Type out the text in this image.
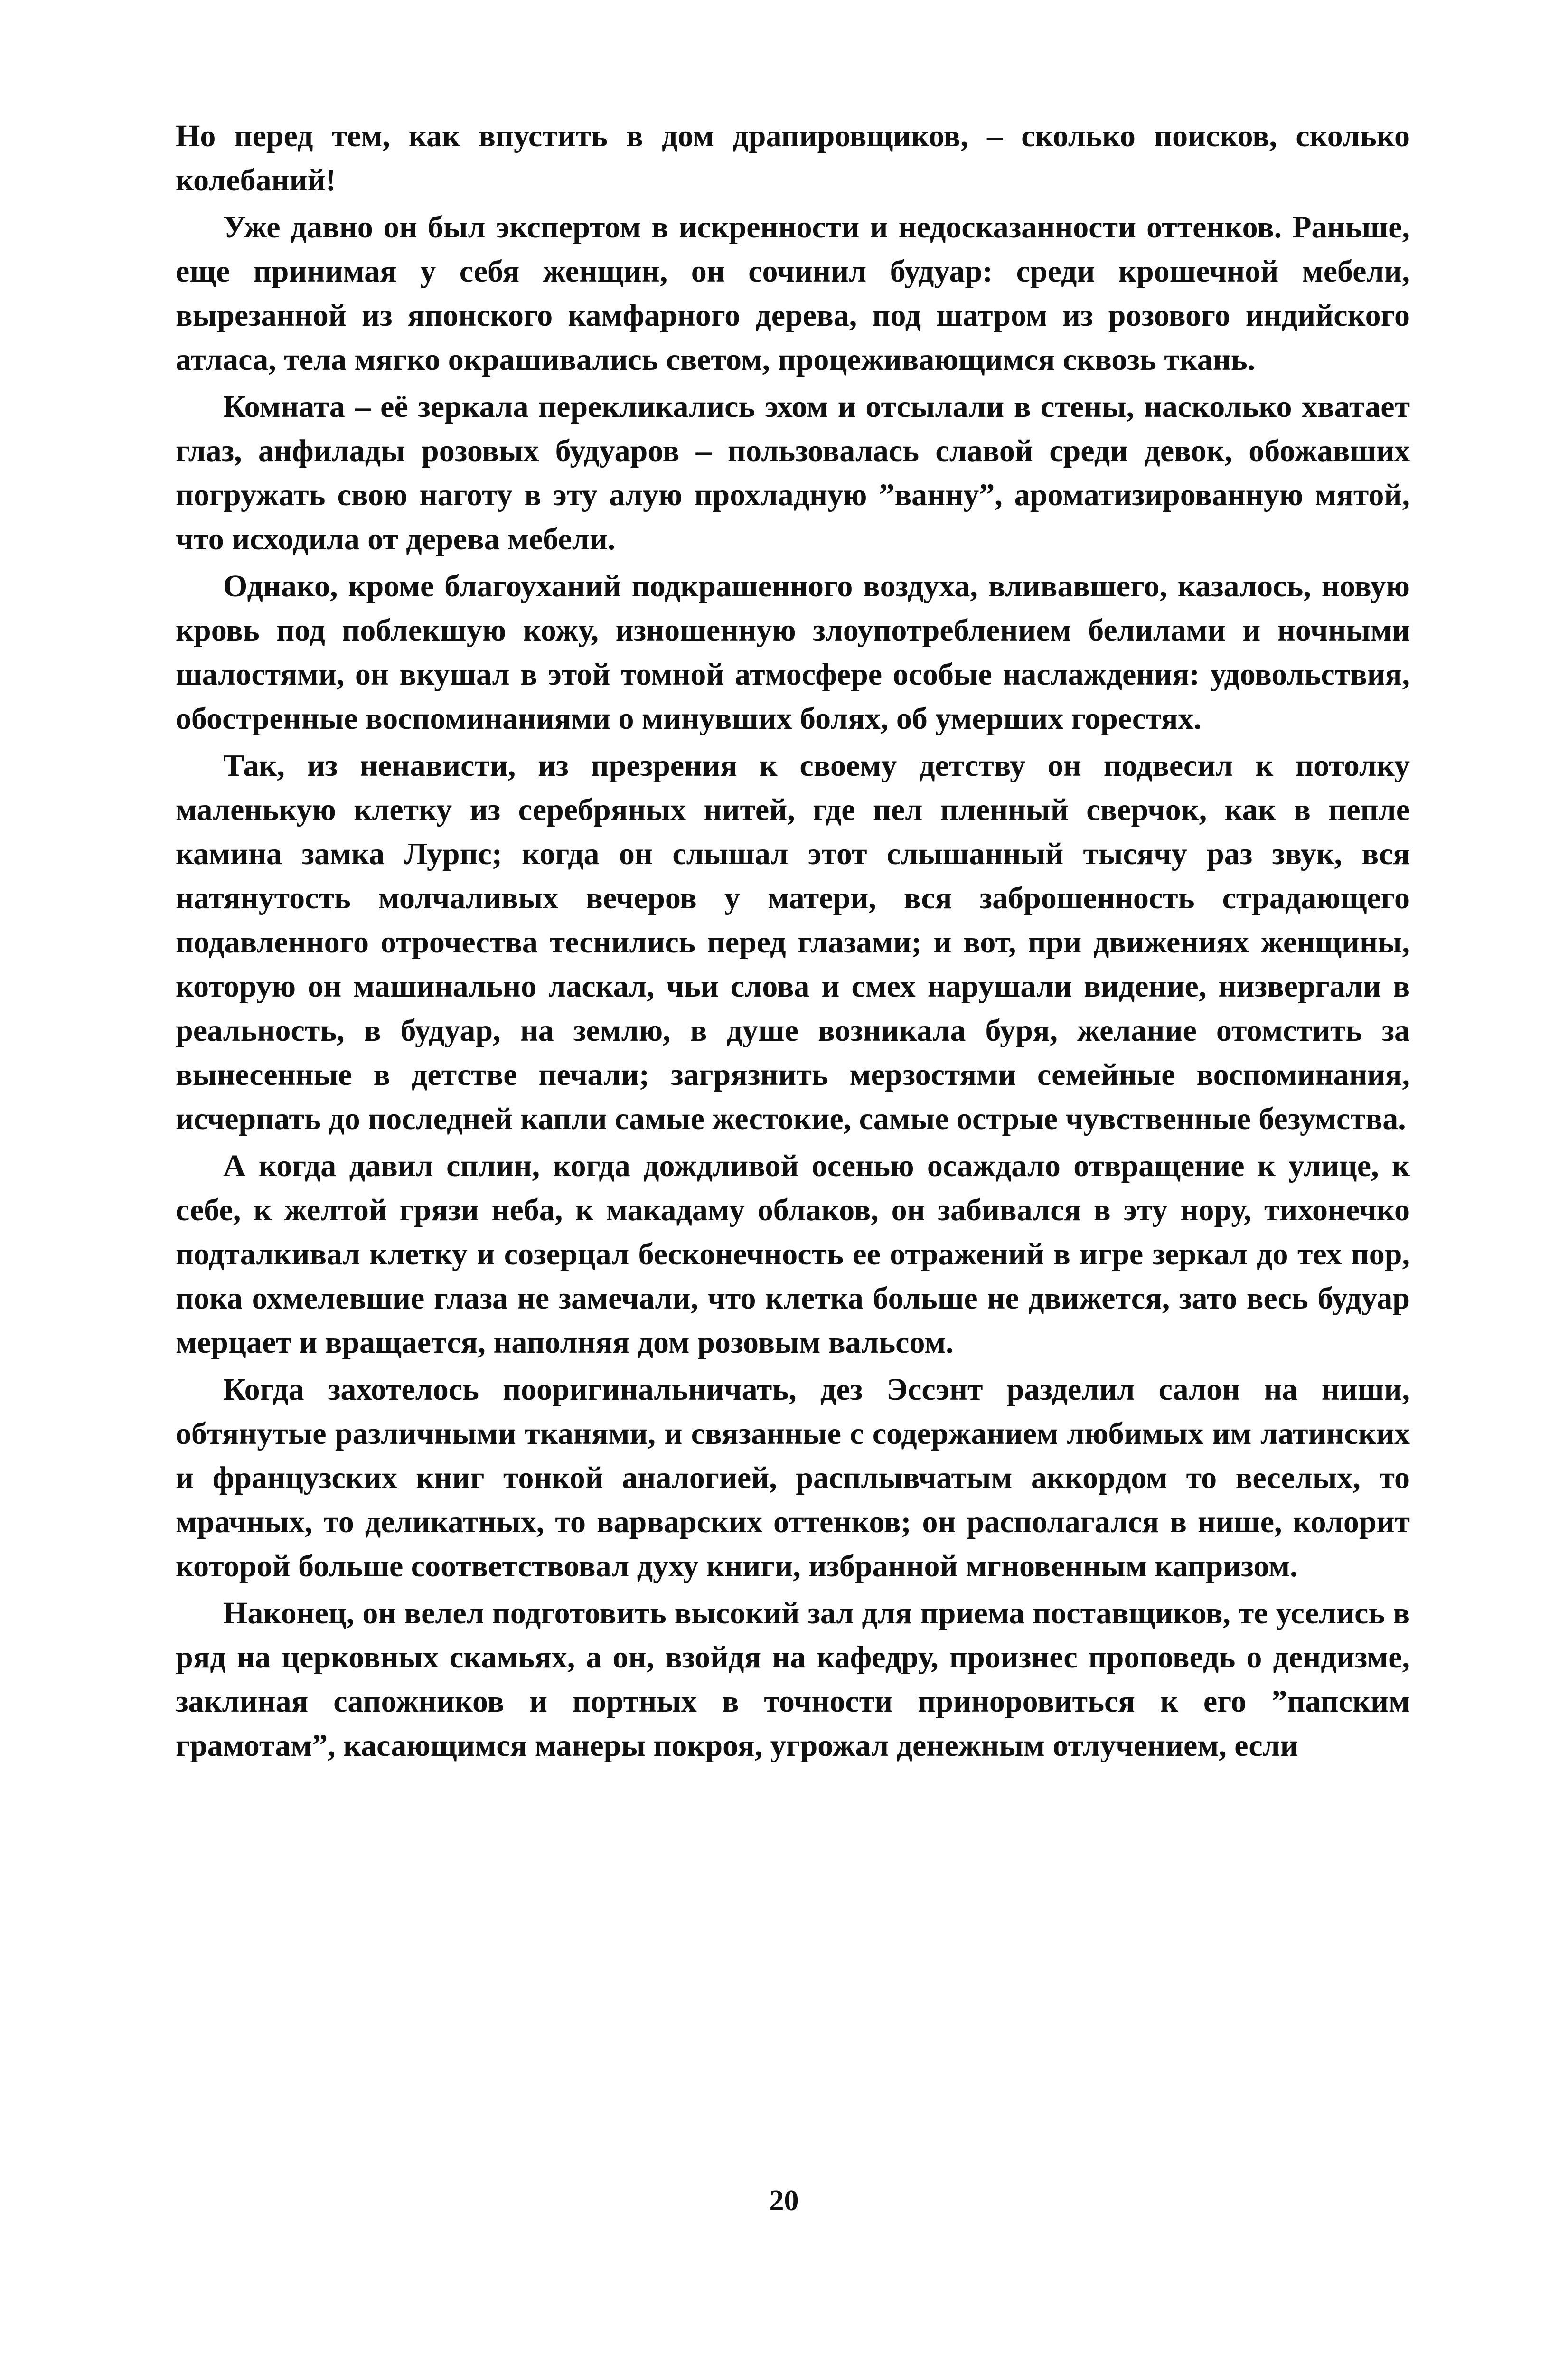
Но перед тем, как впустить в дом драпировщиков, – сколько поисков, сколько колебаний!

Уже давно он был экспертом в искренности и недосказанности оттенков. Раньше, еще принимая у себя женщин, он сочинил будуар: среди крошечной мебели, вырезанной из японского камфарного дерева, под шатром из розового индийского атласа, тела мягко окрашивались светом, процеживающимся сквозь ткань.

Комната – её зеркала перекликались эхом и отсылали в стены, насколько хватает глаз, анфилады розовых будуаров – пользовалась славой среди девок, обожавших погружать свою наготу в эту алую прохладную ”ванну”, ароматизированную мятой, что исходила от дерева мебели.

Однако, кроме благоуханий подкрашенного воздуха, вливавшего, казалось, новую кровь под поблекшую кожу, изношенную злоупотреблением белилами и ночными шалостями, он вкушал в этой томной атмосфере особые наслаждения: удовольствия, обостренные воспоминаниями о минувших болях, об умерших горестях.

Так, из ненависти, из презрения к своему детству он подвесил к потолку маленькую клетку из серебряных нитей, где пел пленный сверчок, как в пепле камина замка Лурпс; когда он слышал этот слышанный тысячу раз звук, вся натянутость молчаливых вечеров у матери, вся заброшенность страдающего подавленного отрочества теснились перед глазами; и вот, при движениях женщины, которую он машинально ласкал, чьи слова и смех нарушали видение, низвергали в реальность, в будуар, на землю, в душе возникала буря, желание отомстить за вынесенные в детстве печали; загрязнить мерзостями семейные воспоминания, исчерпать до последней капли самые жестокие, самые острые чувственные безумства.

А когда давил сплин, когда дождливой осенью осаждало отвращение к улице, к себе, к желтой грязи неба, к макадаму облаков, он забивался в эту нору, тихонечко подталкивал клетку и созерцал бесконечность ее отражений в игре зеркал до тех пор, пока охмелевшие глаза не замечали, что клетка больше не движется, зато весь будуар мерцает и вращается, наполняя дом розовым вальсом.

Когда захотелось пооригинальничать, дез Эссэнт разделил салон на ниши, обтянутые различными тканями, и связанные с содержанием любимых им латинских и французских книг тонкой аналогией, расплывчатым аккордом то веселых, то мрачных, то деликатных, то варварских оттенков; он располагался в нише, колорит которой больше соответствовал духу книги, избранной мгновенным капризом.

Наконец, он велел подготовить высокий зал для приема поставщиков, те уселись в ряд на церковных скамьях, а он, взойдя на кафедру, произнес проповедь о дендизме, заклиная сапожников и портных в точности приноровиться к его ”папским грамотам”, касающимся манеры покроя, угрожал денежным отлучением, если

20
